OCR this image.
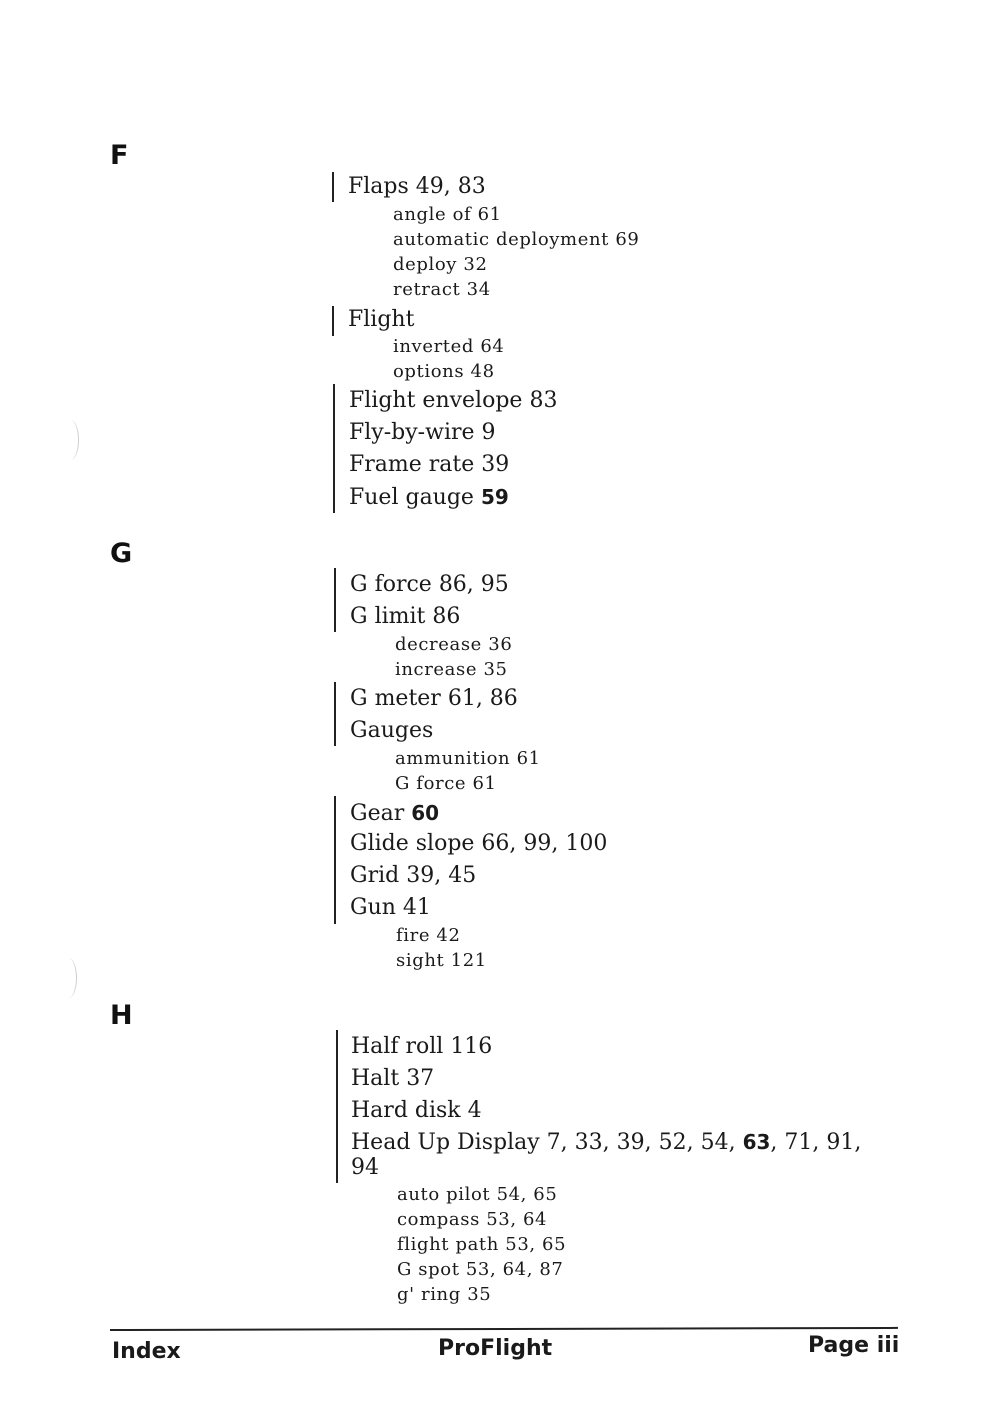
F
Flaps 49, 83
angle of 61
automatic deployment 69
deploy 32
retract 34
Flight
inverted 64
options 48
Flight envelope 83
Fly-by-wire 9
Frame rate 39
Fuel gauge 59
G
G force 86, 95
G limit 86
decrease 36
increase 35
G meter 61, 86
Gauges
ammunition 61
G force 61
Gear 60
Glide slope 66, 99, 100
Grid 39, 45
Gun 41
fire 42
sight 121
H
Half roll 116
Halt 37
Hard disk 4
Head Up Display 7, 33, 39, 52, 54, 63, 71, 91, 94
auto pilot 54, 65
compass 53, 64
flight path 53, 65
G spot 53, 64, 87
g' ring 35
Index	ProFlight	Page iii
